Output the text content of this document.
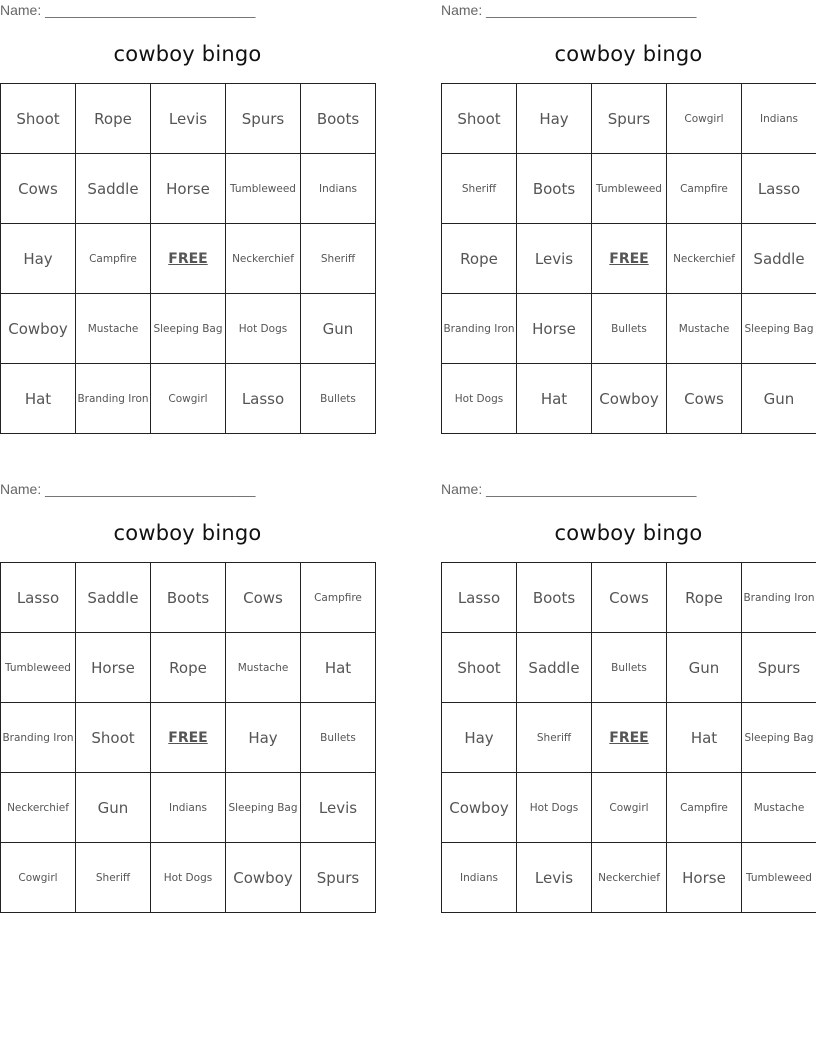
Name: ___________________________
cowboy bingo
Shoot	Rope	Levis	Spurs	Boots
Cows	Saddle	Horse	Tumbleweed	Indians
Hay	Campfire	FREE	Neckerchief	Sheriff
Cowboy	Mustache	Sleeping Bag	Hot Dogs	Gun
Hat	Branding Iron	Cowgirl	Lasso	Bullets
Name: ___________________________
cowboy bingo
Shoot	Hay	Spurs	Cowgirl	Indians
Sheriff	Boots	Tumbleweed	Campfire	Lasso
Rope	Levis	FREE	Neckerchief	Saddle
Branding Iron	Horse	Bullets	Mustache	Sleeping Bag
Hot Dogs	Hat	Cowboy	Cows	Gun
Name: ___________________________
cowboy bingo
Lasso	Saddle	Boots	Cows	Campfire
Tumbleweed	Horse	Rope	Mustache	Hat
Branding Iron	Shoot	FREE	Hay	Bullets
Neckerchief	Gun	Indians	Sleeping Bag	Levis
Cowgirl	Sheriff	Hot Dogs	Cowboy	Spurs
Name: ___________________________
cowboy bingo
Lasso	Boots	Cows	Rope	Branding Iron
Shoot	Saddle	Bullets	Gun	Spurs
Hay	Sheriff	FREE	Hat	Sleeping Bag
Cowboy	Hot Dogs	Cowgirl	Campfire	Mustache
Indians	Levis	Neckerchief	Horse	Tumbleweed
